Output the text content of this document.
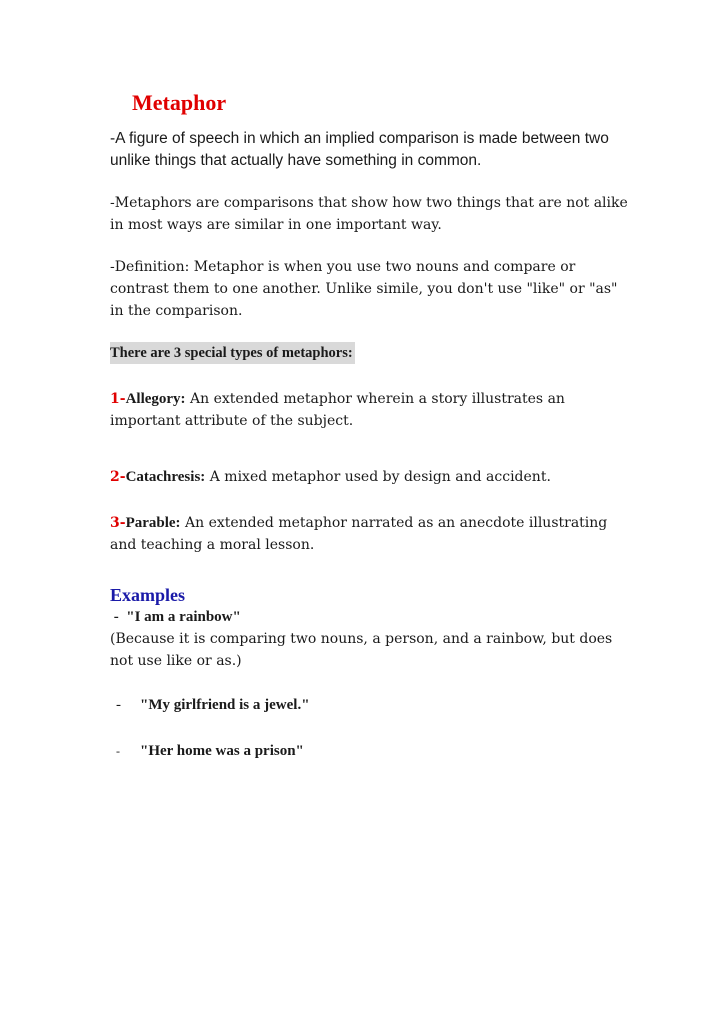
Metaphor

-A figure of speech in which an implied comparison is made between two unlike things that actually have something in common.

-Metaphors are comparisons that show how two things that are not alike in most ways are similar in one important way.

-Definition: Metaphor is when you use two nouns and compare or contrast them to one another. Unlike simile, you don't use "like" or "as" in the comparison.

There are 3 special types of metaphors:

1-Allegory: An extended metaphor wherein a story illustrates an important attribute of the subject.

2-Catachresis: A mixed metaphor used by design and accident.

3-Parable: An extended metaphor narrated as an anecdote illustrating and teaching a moral lesson.

Examples

-  "I am a rainbow"

(Because it is comparing two nouns, a person, and a rainbow, but does not use like or as.)

-	"My girlfriend is a jewel."
-	"Her home was a prison"
